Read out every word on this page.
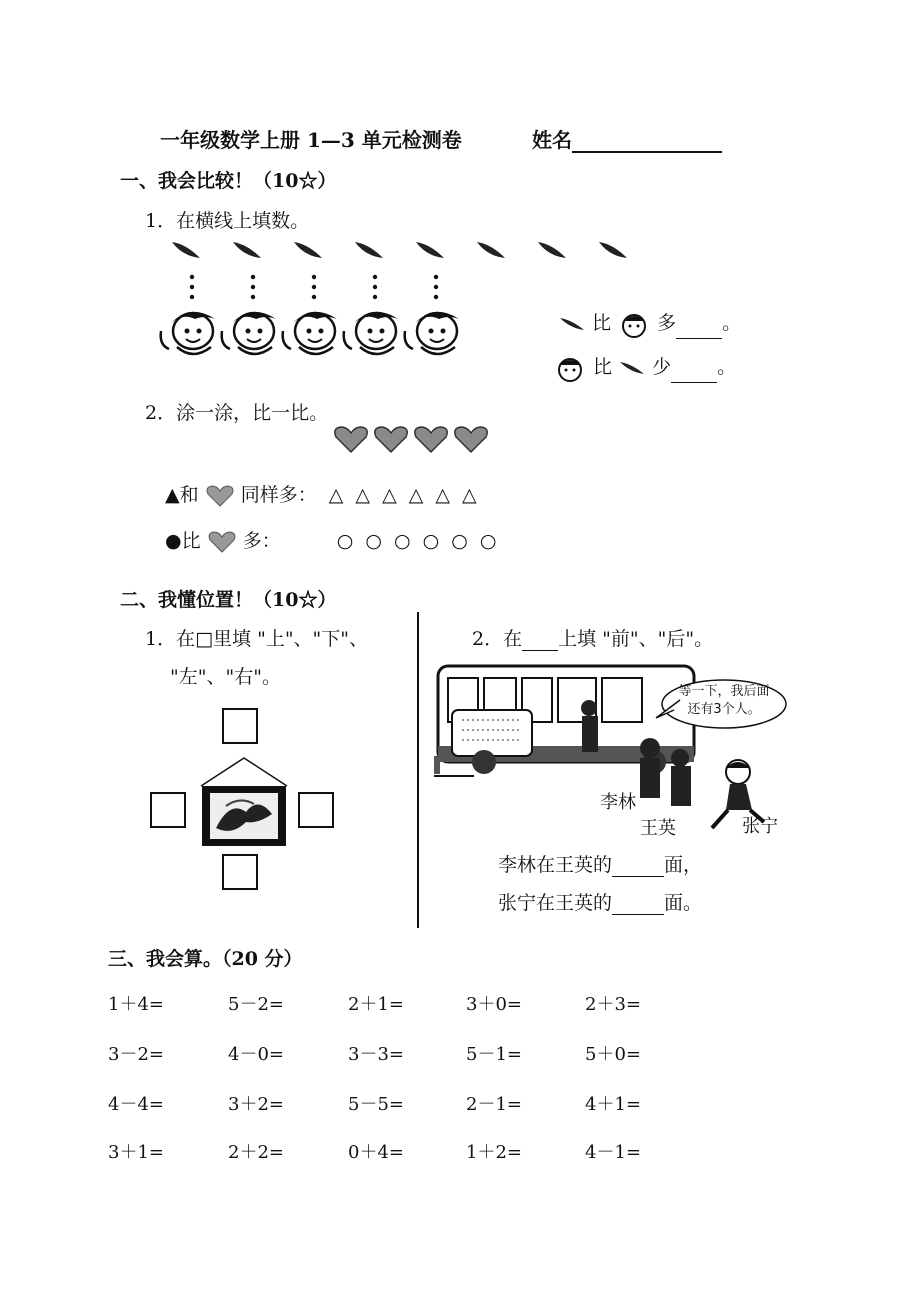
一年级数学上册 1—3 单元检测卷	姓名
一、我会比较！（10☆）
1．在横线上填数。
比 多 。
比 少 。
2．涂一涂，比一比。
▲和 同样多： △ △ △ △ △ △
●比 多：	○ ○ ○ ○ ○ ○
二、我懂位置！（10☆）
1．在□里填 "上"、"下"、
"左"、"右"。
2．在 上填 "前"、"后"。
等一下，我后面
还有3个人。
李林
王英	张宁
李林在王英的	面，
张宁在王英的	面。
三、我会算。（20 分）
1＋4=	5－2=	2＋1=	3＋0=	2＋3=
3－2=	4－0=	3－3=	5－1=	5＋0=
4－4=	3＋2=	5－5=	2－1=	4＋1=
3＋1=	2＋2=	0＋4=	1＋2=	4－1=
